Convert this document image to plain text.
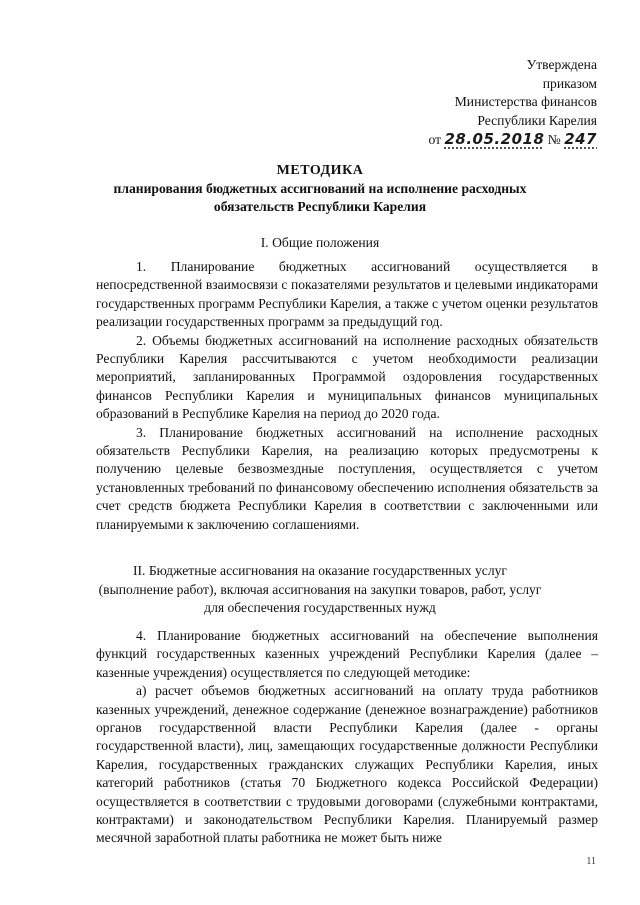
Утверждена
приказом
Министерства финансов
Республики Карелия
от 28.05.2018 № 247
МЕТОДИКА
планирования бюджетных ассигнований на исполнение расходных
обязательств Республики Карелия
I. Общие положения

1. Планирование бюджетных ассигнований осуществляется в непосредственной взаимосвязи с показателями результатов и целевыми индикаторами государственных программ Республики Карелия, а также с учетом оценки результатов реализации государственных программ за предыдущий год.

2. Объемы бюджетных ассигнований на исполнение расходных обязательств Республики Карелия рассчитываются с учетом необходимости реализации мероприятий, запланированных Программой оздоровления государственных финансов Республики Карелия и муниципальных финансов муниципальных образований в Республике Карелия на период до 2020 года.

3. Планирование бюджетных ассигнований на исполнение расходных обязательств Республики Карелия, на реализацию которых предусмотрены к получению целевые безвозмездные поступления, осуществляется с учетом установленных требований по финансовому обеспечению исполнения обязательств за счет средств бюджета Республики Карелия в соответствии с заключенными или планируемыми к заключению соглашениями.

II. Бюджетные ассигнования на оказание государственных услуг
(выполнение работ), включая ассигнования на закупки товаров, работ, услуг
для обеспечения государственных нужд

4. Планирование бюджетных ассигнований на обеспечение выполнения функций государственных казенных учреждений Республики Карелия (далее – казенные учреждения) осуществляется по следующей методике:

а) расчет объемов бюджетных ассигнований на оплату труда работников казенных учреждений, денежное содержание (денежное вознаграждение) работников органов государственной власти Республики Карелия (далее - органы государственной власти), лиц, замещающих государственные должности Республики Карелия, государственных гражданских служащих Республики Карелия, иных категорий работников (статья 70 Бюджетного кодекса Российской Федерации) осуществляется в соответствии с трудовыми договорами (служебными контрактами, контрактами) и законодательством Республики Карелия. Планируемый размер месячной заработной платы работника не может быть ниже

11
